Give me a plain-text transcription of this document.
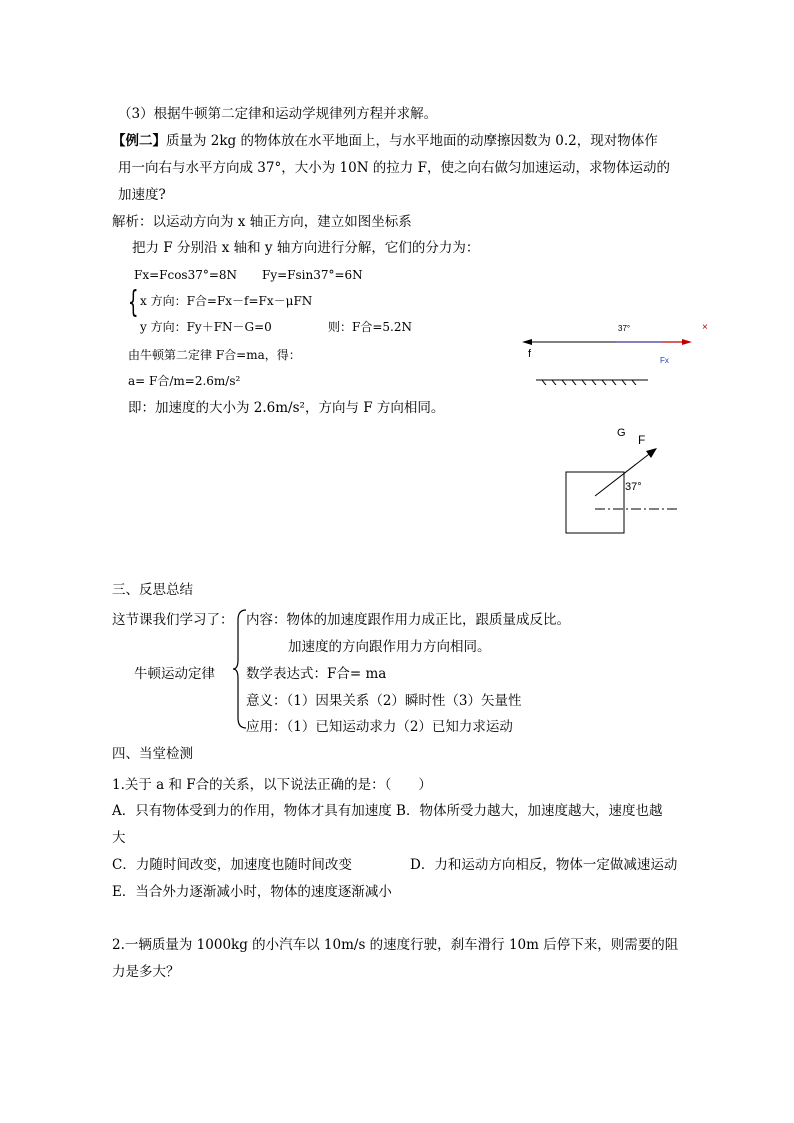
（3）根据牛顿第二定律和运动学规律列方程并求解。
【例二】质量为 2kg 的物体放在水平地面上，与水平地面的动摩擦因数为 0.2，现对物体作
用一向右与水平方向成 37°，大小为 10N 的拉力 F，使之向右做匀加速运动，求物体运动的
加速度?
解析：以运动方向为 x 轴正方向，建立如图坐标系
把力 F 分别沿 x 轴和 y 轴方向进行分解，它们的分力为：
Fx=Fcos37°=8N Fy=Fsin37°=6N
{ x 方向：F合=Fx－f=Fx－μFN
y 方向：Fy＋FN－G=0	则：F合=5.2N
由牛顿第二定律 F合=ma，得：
a= F合/m=2.6m/s²
即：加速度的大小为 2.6m/s²，方向与 F 方向相同。
37°
f
Fx
×
G F
37°
三、反思总结
这节课我们学习了：
牛顿运动定律
内容：物体的加速度跟作用力成正比，跟质量成反比。
加速度的方向跟作用力方向相同。
数学表达式：F合= ma
意义：（1）因果关系（2）瞬时性（3）矢量性
应用：（1）已知运动求力（2）已知力求运动
四、当堂检测
1.关于 a 和 F合的关系，以下说法正确的是：（　　）
A．只有物体受到力的作用，物体才具有加速度 B．物体所受力越大，加速度越大，速度也越
大
C．力随时间改变，加速度也随时间改变	D．力和运动方向相反，物体一定做减速运动
E．当合外力逐渐减小时，物体的速度逐渐减小
2.一辆质量为 1000kg 的小汽车以 10m/s 的速度行驶，刹车滑行 10m 后停下来，则需要的阻
力是多大？
